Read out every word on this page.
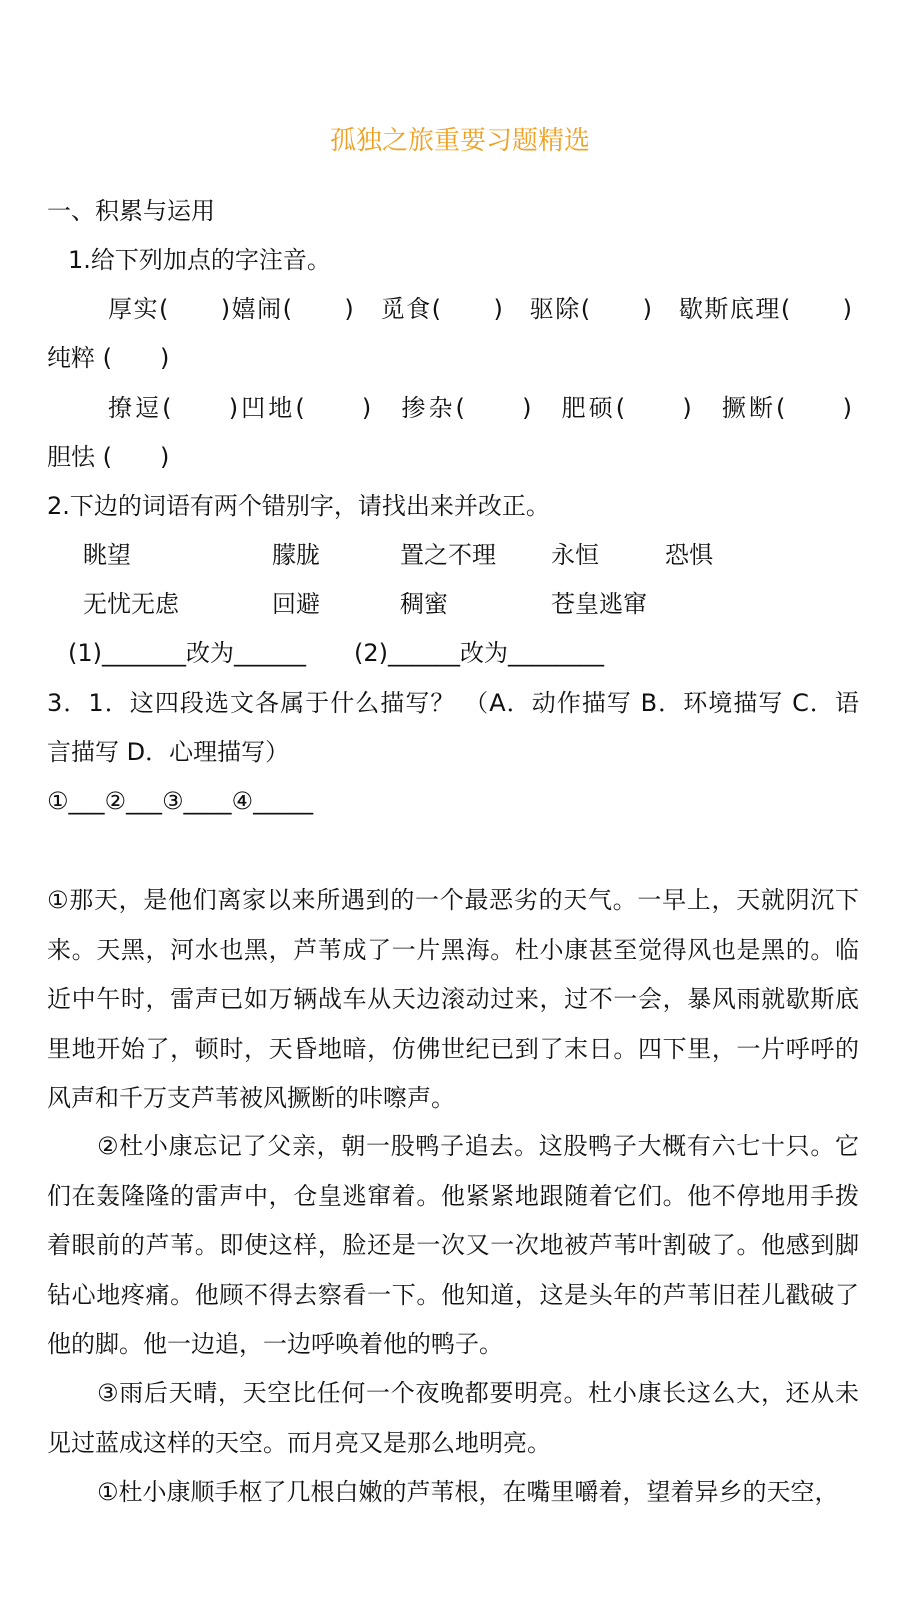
孤独之旅重要习题精选
一、积累与运用
1.给下列加点的字注音。
厚实(　　)嬉闹(　　)　觅食(　　)　驱除(　　)　歇斯底理(　　)
纯粹 (　　)
撩逗(　　)凹地(　　)　掺杂(　　)　肥硕(　　)　撅断(　　)
胆怯 (　　)
2.下边的词语有两个错别字，请找出来并改正。
眺望	朦胧	置之不理 永恒	恐惧
无忧无虑	回避	稠蜜	苍皇逃窜
(1)_______改为______　　(2)______改为________
3．1．这四段选文各属于什么描写？ （A．动作描写 B．环境描写 C．语
言描写 D．心理描写）
①___②___③____④_____
①那天，是他们离家以来所遇到的一个最恶劣的天气。一早上，天就阴沉下来。天黑，河水也黑，芦苇成了一片黑海。杜小康甚至觉得风也是黑的。临近中午时，雷声已如万辆战车从天边滚动过来，过不一会，暴风雨就歇斯底里地开始了，顿时，天昏地暗，仿佛世纪已到了末日。四下里，一片呼呼的风声和千万支芦苇被风撅断的咔嚓声。
②杜小康忘记了父亲，朝一股鸭子追去。这股鸭子大概有六七十只。它们在轰隆隆的雷声中，仓皇逃窜着。他紧紧地跟随着它们。他不停地用手拨着眼前的芦苇。即使这样，脸还是一次又一次地被芦苇叶割破了。他感到脚钻心地疼痛。他顾不得去察看一下。他知道，这是头年的芦苇旧茬儿戳破了他的脚。他一边追，一边呼唤着他的鸭子。
③雨后天晴，天空比任何一个夜晚都要明亮。杜小康长这么大，还从未见过蓝成这样的天空。而月亮又是那么地明亮。
①杜小康顺手枢了几根白嫩的芦苇根，在嘴里嚼着，望着异乡的天空，
